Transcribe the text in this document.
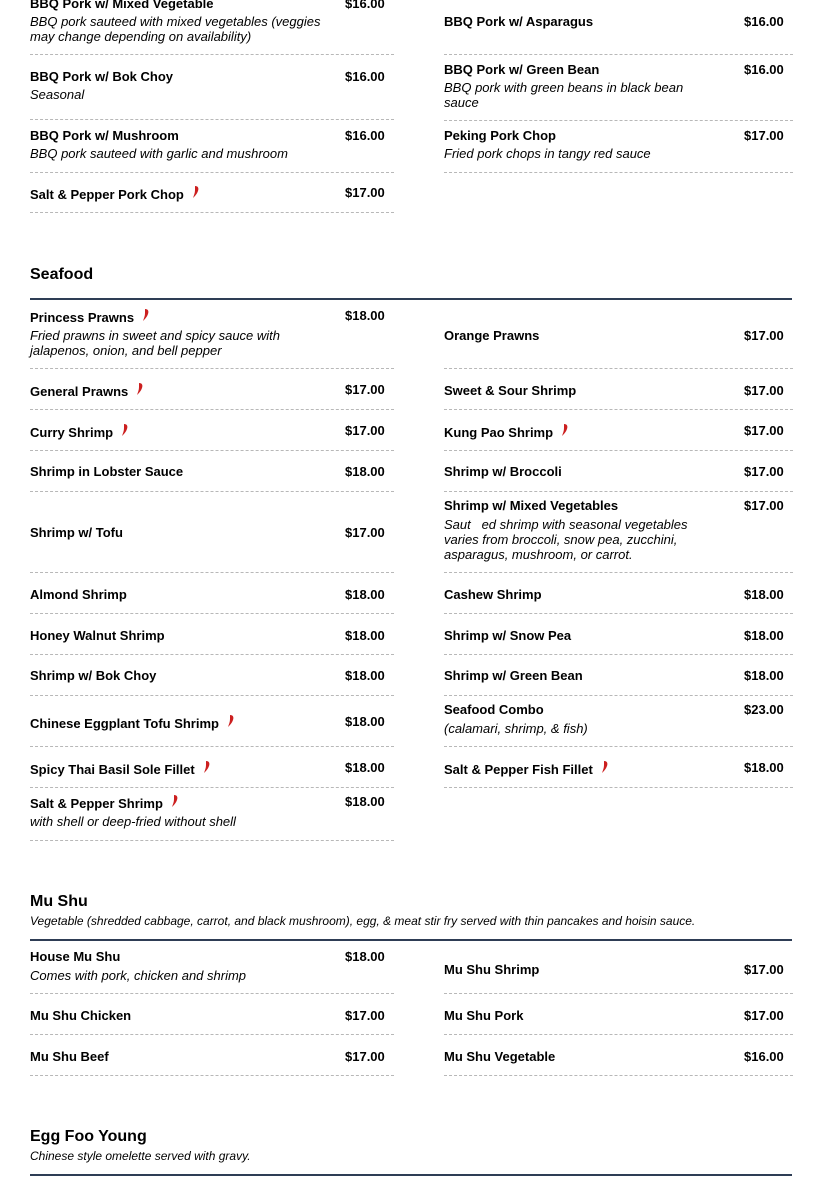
BBQ Pork w/ Mixed Vegetable	$16.00
BBQ pork sauteed with mixed vegetables (veggies may change depending on availability)
BBQ Pork w/ Bok Choy	$16.00
Seasonal
BBQ Pork w/ Mushroom	$16.00
BBQ pork sauteed with garlic and mushroom
Salt & Pepper Pork Chop	$17.00
BBQ Pork w/ Asparagus	$16.00
BBQ Pork w/ Green Bean	$16.00
BBQ pork with green beans in black bean sauce
Peking Pork Chop	$17.00
Fried pork chops in tangy red sauce
Seafood
Princess Prawns	$18.00
Fried prawns in sweet and spicy sauce with jalapenos, onion, and bell pepper
General Prawns	$17.00
Curry Shrimp	$17.00
Shrimp in Lobster Sauce	$18.00
Shrimp w/ Tofu	$17.00
Almond Shrimp	$18.00
Honey Walnut Shrimp	$18.00
Shrimp w/ Bok Choy	$18.00
Chinese Eggplant Tofu Shrimp	$18.00
Spicy Thai Basil Sole Fillet	$18.00
Salt & Pepper Shrimp	$18.00
with shell or deep-fried without shell
Orange Prawns	$17.00
Sweet & Sour Shrimp	$17.00
Kung Pao Shrimp	$17.00
Shrimp w/ Broccoli	$17.00
Shrimp w/ Mixed Vegetables	$17.00
Saut   ed shrimp with seasonal vegetables varies from broccoli, snow pea, zucchini, asparagus, mushroom, or carrot.
Cashew Shrimp	$18.00
Shrimp w/ Snow Pea	$18.00
Shrimp w/ Green Bean	$18.00
Seafood Combo	$23.00
(calamari, shrimp, & fish)
Salt & Pepper Fish Fillet	$18.00
Mu Shu
Vegetable (shredded cabbage, carrot, and black mushroom), egg, & meat stir fry served with thin pancakes and hoisin sauce.
House Mu Shu	$18.00
Comes with pork, chicken and shrimp
Mu Shu Chicken	$17.00
Mu Shu Beef	$17.00
Mu Shu Shrimp	$17.00
Mu Shu Pork	$17.00
Mu Shu Vegetable	$16.00
Egg Foo Young
Chinese style omelette served with gravy.
